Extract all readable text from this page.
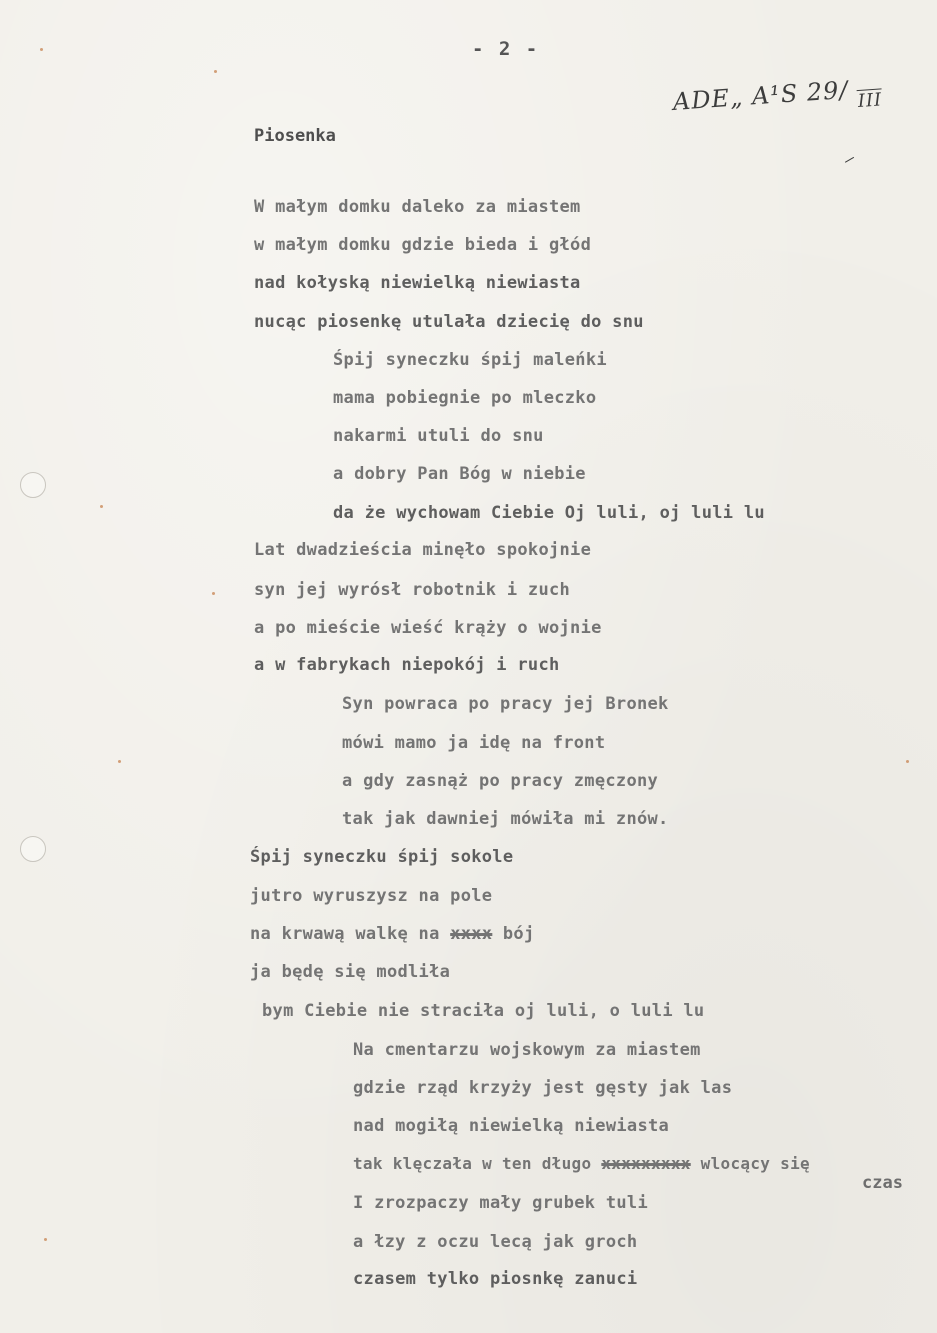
- 2 -
ADE„ A¹S 29/ $_{III}$
Piosenka
W małym domku daleko za miastem
w małym domku gdzie bieda i głód
nad kołyską niewielką niewiasta
nucąc piosenkę utulała dziecię do snu
Śpij syneczku śpij maleńki
mama pobiegnie po mleczko
nakarmi utuli do snu
a dobry Pan Bóg w niebie
da że wychowam Ciebie Oj luli, oj luli lu
Lat dwadzieścia minęło spokojnie
syn jej wyrósł robotnik i zuch
a po mieście wieść krąży o wojnie
a w fabrykach niepokój i ruch
Syn powraca po pracy jej Bronek
mówi mamo ja idę na front
a gdy zasnąż po pracy zmęczony
tak jak dawniej mówiła mi znów.
Śpij syneczku śpij sokole
jutro wyruszysz na pole
na krwawą walkę na xxxx bój
ja będę się modliła
bym Ciebie nie straciła oj luli, o luli lu
Na cmentarzu wojskowym za miastem
gdzie rząd krzyży jest gęsty jak las
nad mogiłą niewielką niewiasta
tak klęczała w ten długo xxxxxxxxx wlocący się
czas
I zrozpaczy mały grubek tuli
a łzy z oczu lecą jak groch
czasem tylko piosnkę zanuci
